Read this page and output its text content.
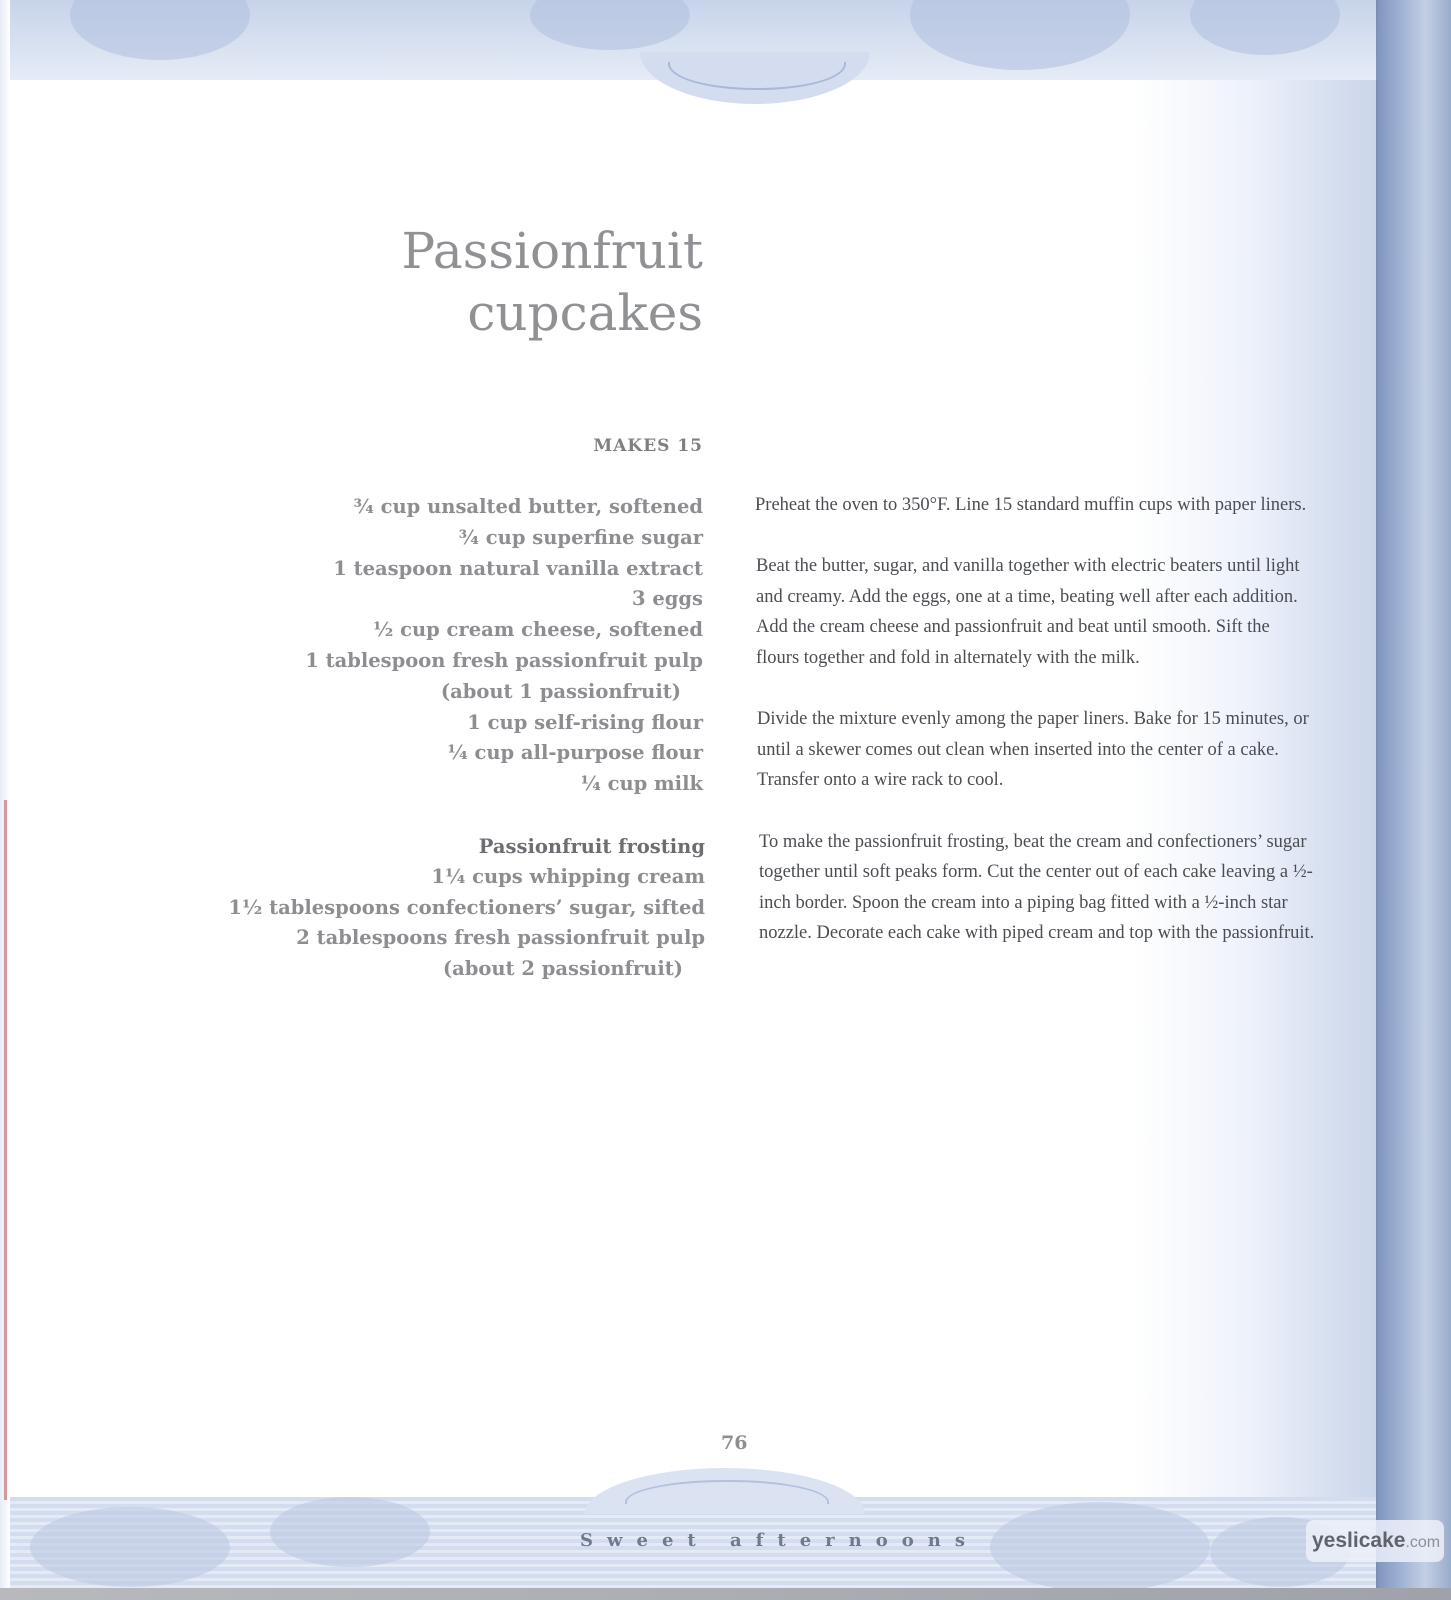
Passionfruit
cupcakes
MAKES 15
¾ cup unsalted butter, softened
¾ cup superfine sugar
1 teaspoon natural vanilla extract
3 eggs
½ cup cream cheese, softened
1 tablespoon fresh passionfruit pulp
(about 1 passionfruit)
1 cup self-rising flour
¼ cup all-purpose flour
¼ cup milk
Passionfruit frosting
1¼ cups whipping cream
1½ tablespoons confectioners’ sugar, sifted
2 tablespoons fresh passionfruit pulp
(about 2 passionfruit)

Preheat the oven to 350°F. Line 15 standard muffin cups with paper liners.

Beat the butter, sugar, and vanilla together with electric beaters until light and creamy. Add the eggs, one at a time, beating well after each addition. Add the cream cheese and passionfruit and beat until smooth. Sift the flours together and fold in alternately with the milk.

Divide the mixture evenly among the paper liners. Bake for 15 minutes, or until a skewer comes out clean when inserted into the center of a cake. Transfer onto a wire rack to cool.

To make the passionfruit frosting, beat the cream and confectioners’ sugar together until soft peaks form. Cut the center out of each cake leaving a ½-inch border. Spoon the cream into a piping bag fitted with a ½-inch star nozzle. Decorate each cake with piped cream and top with the passionfruit.

76
Sweet afternoons	yeslicake.com
